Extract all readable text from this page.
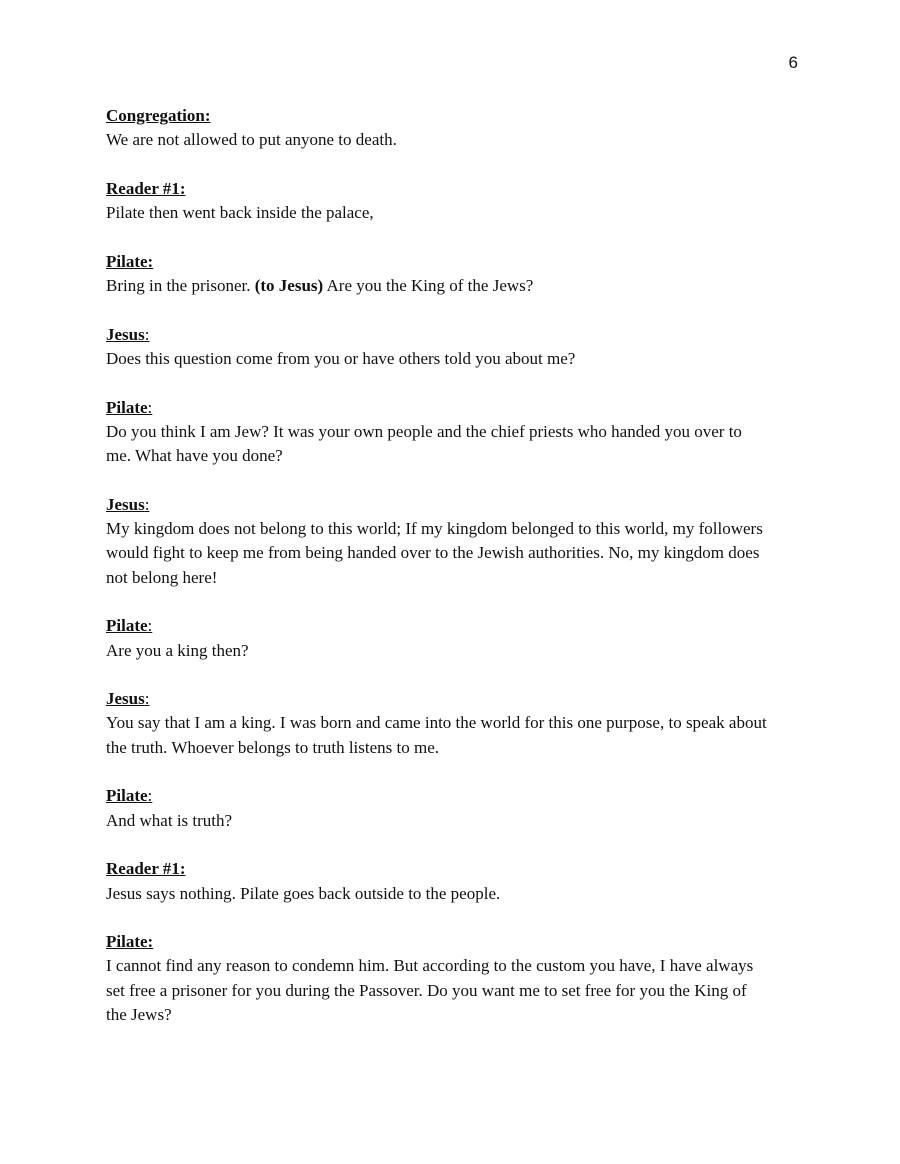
6
Congregation:
We are not allowed to put anyone to death.
Reader #1:
Pilate then went back inside the palace,
Pilate:
Bring in the prisoner. (to Jesus) Are you the King of the Jews?
Jesus:
Does this question come from you or have others told you about me?
Pilate:
Do you think I am Jew? It was your own people and the chief priests who handed you over to
me. What have you done?
Jesus:
My kingdom does not belong to this world; If my kingdom belonged to this world, my followers
would fight to keep me from being handed over to the Jewish authorities. No, my kingdom does
not belong here!
Pilate:
Are you a king then?
Jesus:
You say that I am a king. I was born and came into the world for this one purpose, to speak about
the truth. Whoever belongs to truth listens to me.
Pilate:
And what is truth?
Reader #1:
Jesus says nothing. Pilate goes back outside to the people.
Pilate:
I cannot find any reason to condemn him. But according to the custom you have, I have always
set free a prisoner for you during the Passover. Do you want me to set free for you the King of
the Jews?
